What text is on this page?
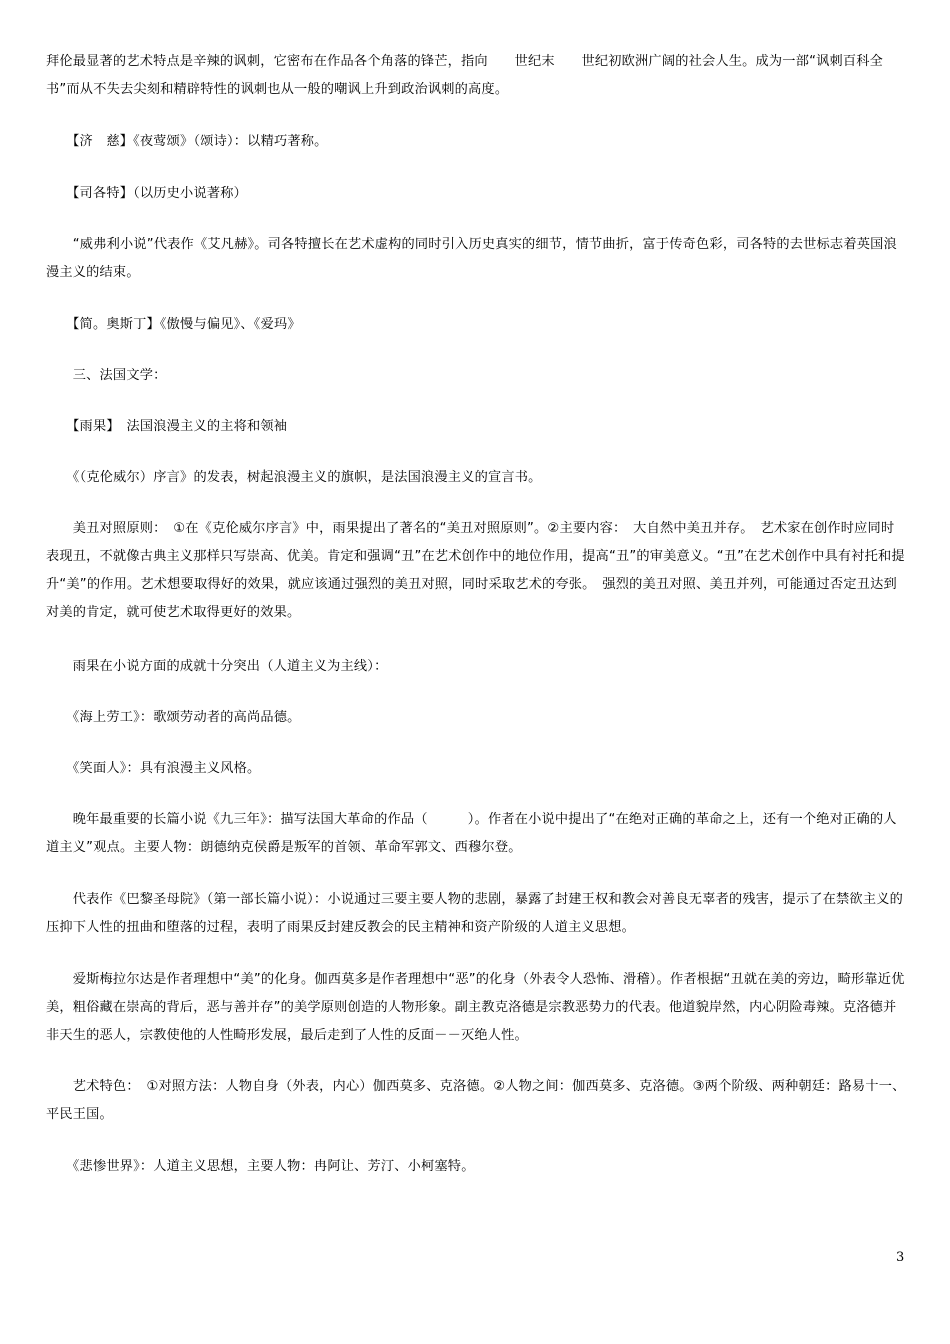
拜伦最显著的艺术特点是辛辣的讽刺，它密布在作品各个角落的锋芒，指向　　世纪末　　世纪初欧洲广阔的社会人生。成为一部“讽刺百科全书”而从不失去尖刻和精辟特性的讽刺也从一般的嘲讽上升到政治讽刺的高度。
　　【济　慈】《夜莺颂》（颂诗）：以精巧著称。
　　【司各特】（以历史小说著称）
　　“威弗利小说”代表作《艾凡赫》。司各特擅长在艺术虚构的同时引入历史真实的细节，情节曲折，富于传奇色彩，司各特的去世标志着英国浪漫主义的结束。
　　【简。奥斯丁】《傲慢与偏见》、《爱玛》
　　三、法国文学：
　　【雨果】　法国浪漫主义的主将和领袖
　　《（克伦威尔）序言》的发表，树起浪漫主义的旗帜，是法国浪漫主义的宣言书。
　　美丑对照原则：　①在《克伦威尔序言》中，雨果提出了著名的“美丑对照原则”。②主要内容：　大自然中美丑并存。　艺术家在创作时应同时表现丑，不就像古典主义那样只写崇高、优美。肯定和强调“丑”在艺术创作中的地位作用，提高“丑”的审美意义。“丑”在艺术创作中具有衬托和提升“美”的作用。艺术想要取得好的效果，就应该通过强烈的美丑对照，同时采取艺术的夸张。　强烈的美丑对照、美丑并列，可能通过否定丑达到对美的肯定，就可使艺术取得更好的效果。
　　雨果在小说方面的成就十分突出（人道主义为主线）：
　　《海上劳工》：歌颂劳动者的高尚品德。
　　《笑面人》：具有浪漫主义风格。
　　晚年最重要的长篇小说《九三年》：描写法国大革命的作品（　　　）。作者在小说中提出了“在绝对正确的革命之上，还有一个绝对正确的人道主义”观点。主要人物：朗德纳克侯爵是叛军的首领、革命军郭文、西穆尔登。
　　代表作《巴黎圣母院》（第一部长篇小说）：小说通过三要主要人物的悲剧，暴露了封建王权和教会对善良无辜者的残害，提示了在禁欲主义的压抑下人性的扭曲和堕落的过程，表明了雨果反封建反教会的民主精神和资产阶级的人道主义思想。
　　爱斯梅拉尔达是作者理想中“美”的化身。伽西莫多是作者理想中“恶”的化身（外表令人恐怖、滑稽）。作者根据“丑就在美的旁边，畸形靠近优美，粗俗藏在崇高的背后，恶与善并存”的美学原则创造的人物形象。副主教克洛德是宗教恶势力的代表。他道貌岸然，内心阴险毒辣。克洛德并非天生的恶人，宗教使他的人性畸形发展，最后走到了人性的反面－－灭绝人性。
　　艺术特色：　①对照方法：人物自身（外表，内心）伽西莫多、克洛德。②人物之间：伽西莫多、克洛德。③两个阶级、两种朝廷：路易十一、平民王国。
　　《悲惨世界》：人道主义思想，主要人物：冉阿让、芳汀、小柯塞特。
3
